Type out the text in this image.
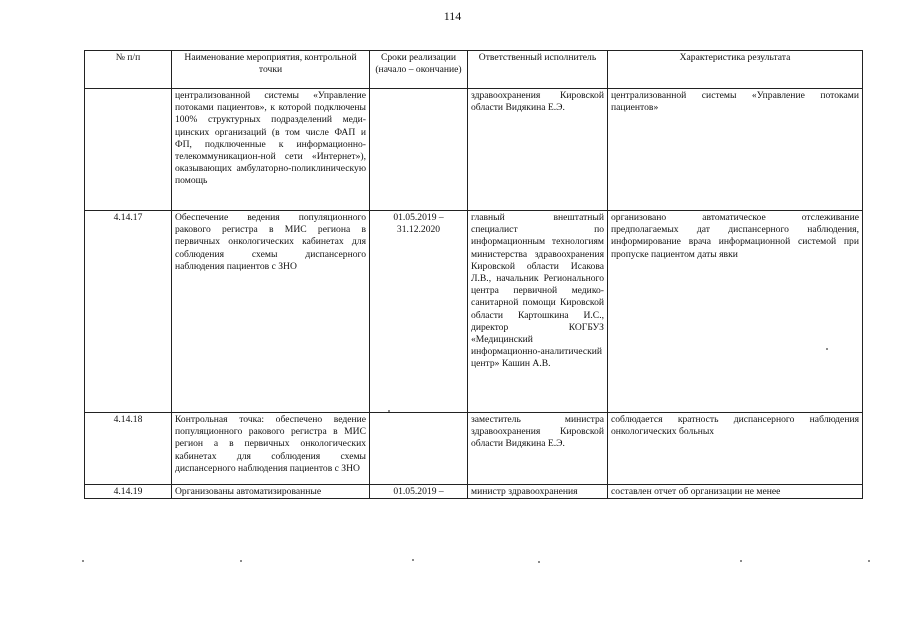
114
№ п/п	Наименование мероприятия, контрольной точки	Сроки реализации (начало – окончание)	Ответственный исполнитель	Характеристика результата
	централизованной системы «Управление потоками пациентов», к которой подключены 100% структурных подразделений меди-цинских организаций (в том числе ФАП и ФП, подключенные к информационно-телекоммуникацион-ной сети «Интернет»), оказывающих амбулаторно-поликлиническую помощь		здравоохранения Кировской области Видякина Е.Э.	централизованной системы «Управление потоками пациентов»
4.14.17	Обеспечение ведения популяционного ракового регистра в МИС региона в первичных онкологических кабинетах для соблюдения схемы диспансерного наблюдения пациентов с ЗНО	01.05.2019 – 31.12.2020	главный внештатный специалист по информационным технологиям министерства здравоохранения Кировской области Исакова Л.В., начальник Регионального центра первичной медико-санитарной помощи Кировской области Картошкина И.С., директор КОГБУЗ «Медицинский информационно-аналитический центр» Кашин А.В.	организовано автоматическое отслеживание предполагаемых дат диспансерного наблюдения, информирование врача информационной системой при пропуске пациентом даты явки
4.14.18	Контрольная точка: обеспечено ведение популяционного ракового регистра в МИС регион а в первичных онкологических кабинетах для соблюдения схемы диспансерного наблюдения пациентов с ЗНО		заместитель министра здравоохранения Кировской области Видякина Е.Э.	соблюдается кратность диспансерного наблюдения онкологических больных
4.14.19	Организованы автоматизированные	01.05.2019 –	министр здравоохранения	составлен отчет об организации не менее
